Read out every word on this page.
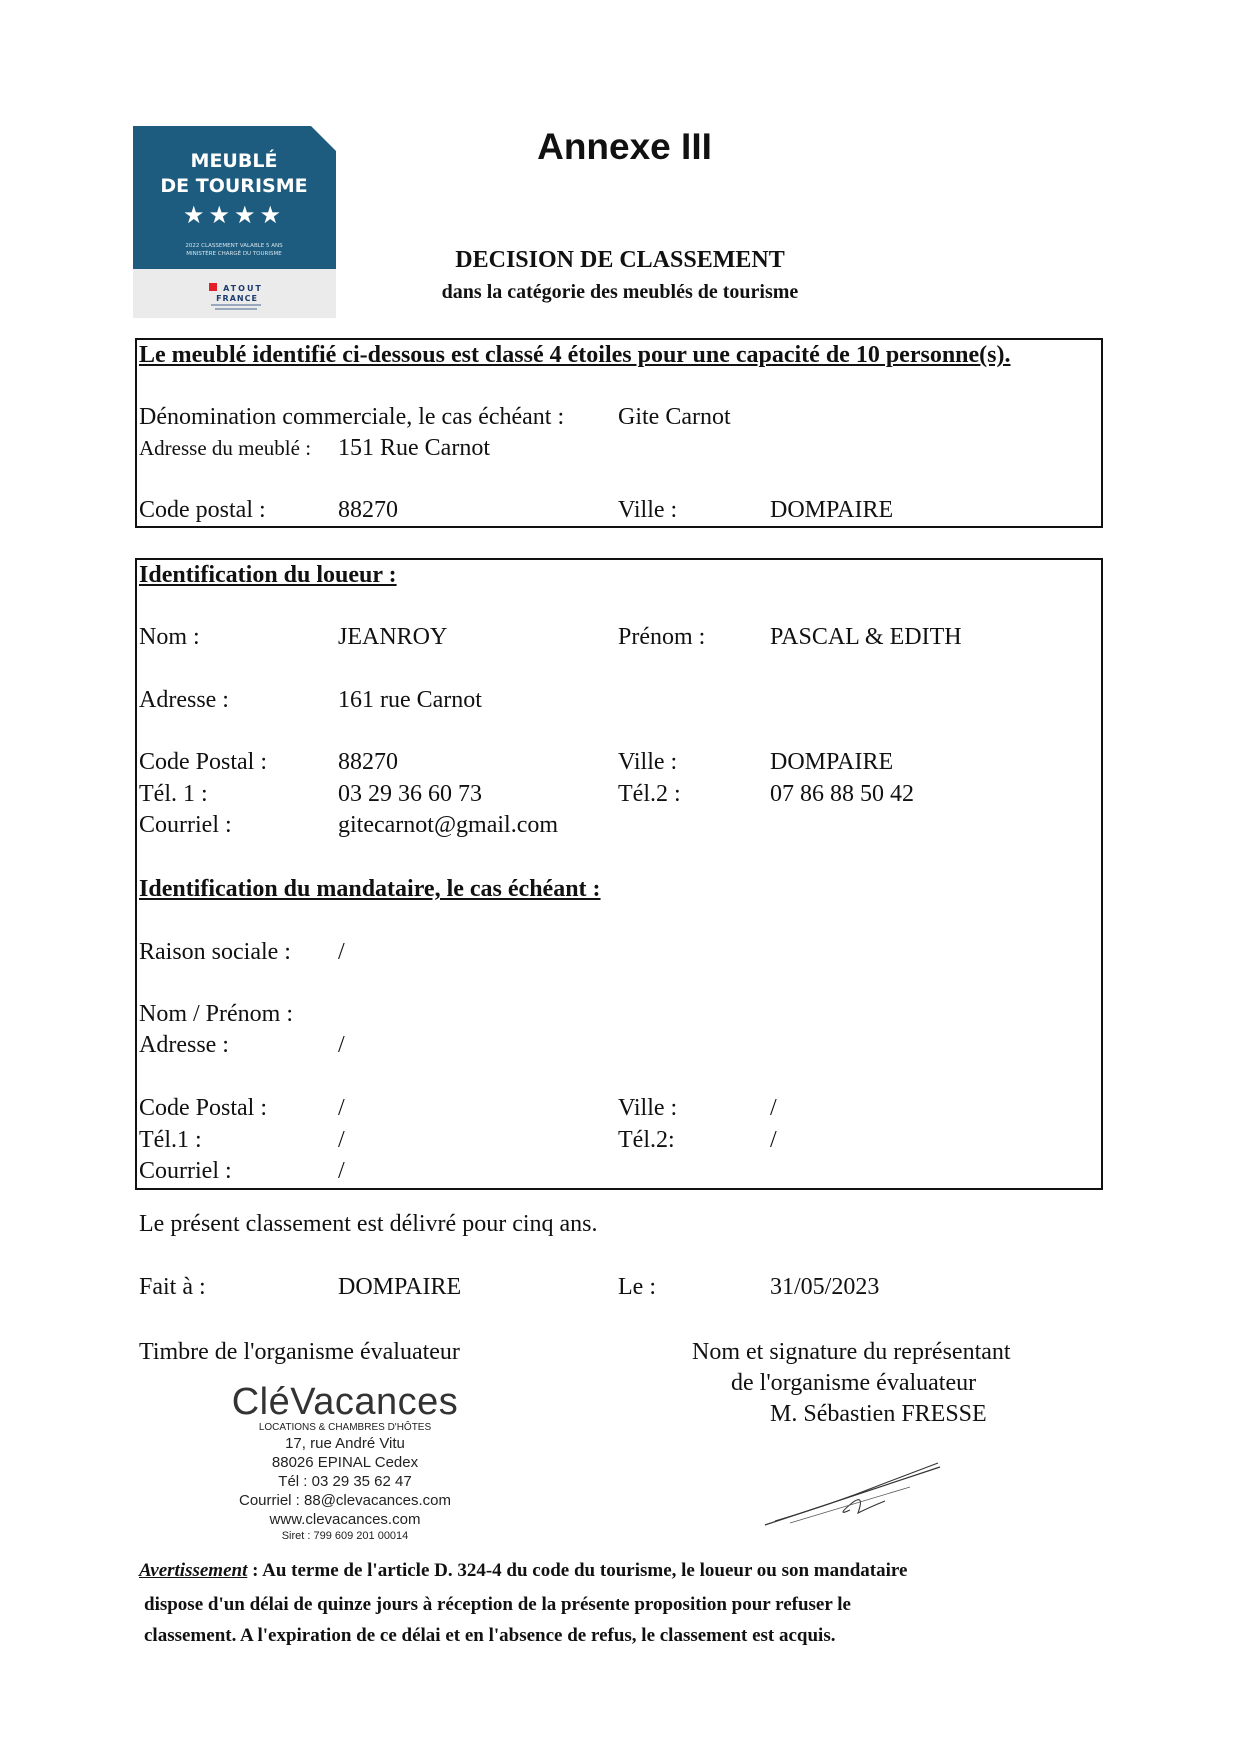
MEUBLÉ
DE TOURISME
★★★★
2022 CLASSEMENT VALABLE 5 ANS
MINISTÈRE CHARGÉ DU TOURISME
ATOUT
FRANCE
Annexe III
DECISION DE CLASSEMENT
dans la catégorie des meublés de tourisme
Le meublé identifié ci-dessous est classé 4 étoiles pour une capacité de 10 personne(s).
Dénomination commerciale, le cas échéant : Gite Carnot
Adresse du meublé : 151 Rue Carnot
Code postal :	88270	Ville :	DOMPAIRE
Identification du loueur :
Nom :	JEANROY	Prénom :	PASCAL & EDITH
Adresse :	161 rue Carnot
Code Postal :	88270	Ville :	DOMPAIRE
Tél. 1 :	03 29 36 60 73	Tél.2 :	07 86 88 50 42
Courriel :	gitecarnot@gmail.com
Identification du mandataire, le cas échéant :
Raison sociale : /
Nom / Prénom :
Adresse :	/
Code Postal :	/	Ville :	/
Tél.1 :	/	Tél.2:	/
Courriel :	/
Le présent classement est délivré pour cinq ans.
Fait à :	DOMPAIRE	Le :	31/05/2023
Timbre de l'organisme évaluateur	Nom et signature du représentant
de l'organisme évaluateur
M. Sébastien FRESSE
CléVacances
LOCATIONS & CHAMBRES D'HÔTES
17, rue André Vitu
88026 EPINAL Cedex
Tél : 03 29 35 62 47
Courriel : 88@clevacances.com
www.clevacances.com
Siret : 799 609 201 00014
Avertissement : Au terme de l'article D. 324-4 du code du tourisme, le loueur ou son mandataire
dispose d'un délai de quinze jours à réception de la présente proposition pour refuser le
classement. A l'expiration de ce délai et en l'absence de refus, le classement est acquis.
